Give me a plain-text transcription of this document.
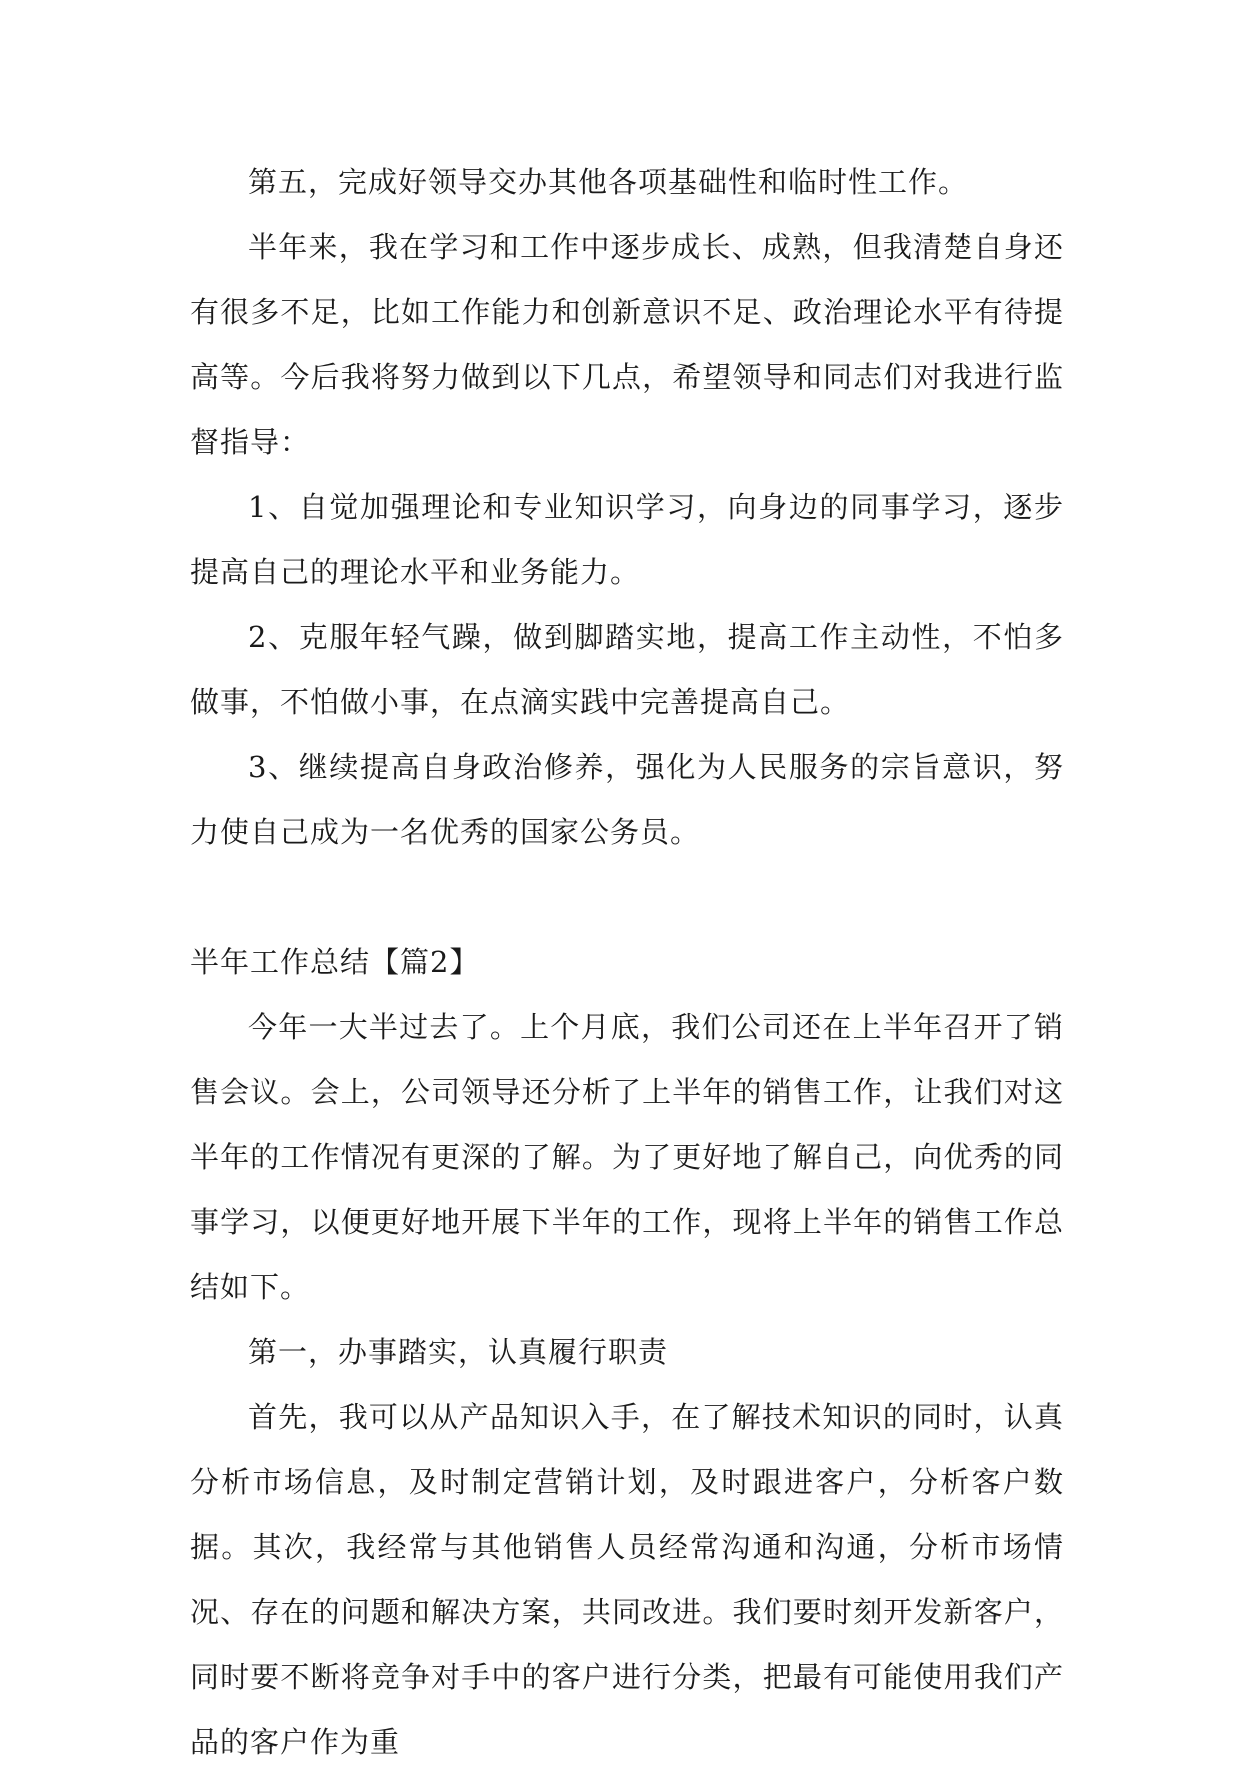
第五，完成好领导交办其他各项基础性和临时性工作。

半年来，我在学习和工作中逐步成长、成熟，但我清楚自身还有很多不足，比如工作能力和创新意识不足、政治理论水平有待提高等。今后我将努力做到以下几点，希望领导和同志们对我进行监督指导：

1、自觉加强理论和专业知识学习，向身边的同事学习，逐步提高自己的理论水平和业务能力。

2、克服年轻气躁，做到脚踏实地，提高工作主动性，不怕多做事，不怕做小事，在点滴实践中完善提高自己。

3、继续提高自身政治修养，强化为人民服务的宗旨意识，努力使自己成为一名优秀的国家公务员。

半年工作总结【篇2】

今年一大半过去了。上个月底，我们公司还在上半年召开了销售会议。会上，公司领导还分析了上半年的销售工作，让我们对这半年的工作情况有更深的了解。为了更好地了解自己，向优秀的同事学习，以便更好地开展下半年的工作，现将上半年的销售工作总结如下。

第一，办事踏实，认真履行职责

首先，我可以从产品知识入手，在了解技术知识的同时，认真分析市场信息，及时制定营销计划，及时跟进客户，分析客户数据。其次，我经常与其他销售人员经常沟通和沟通，分析市场情况、存在的问题和解决方案，共同改进。我们要时刻开发新客户，同时要不断将竞争对手中的客户进行分类，把最有可能使用我们产品的客户作为重
